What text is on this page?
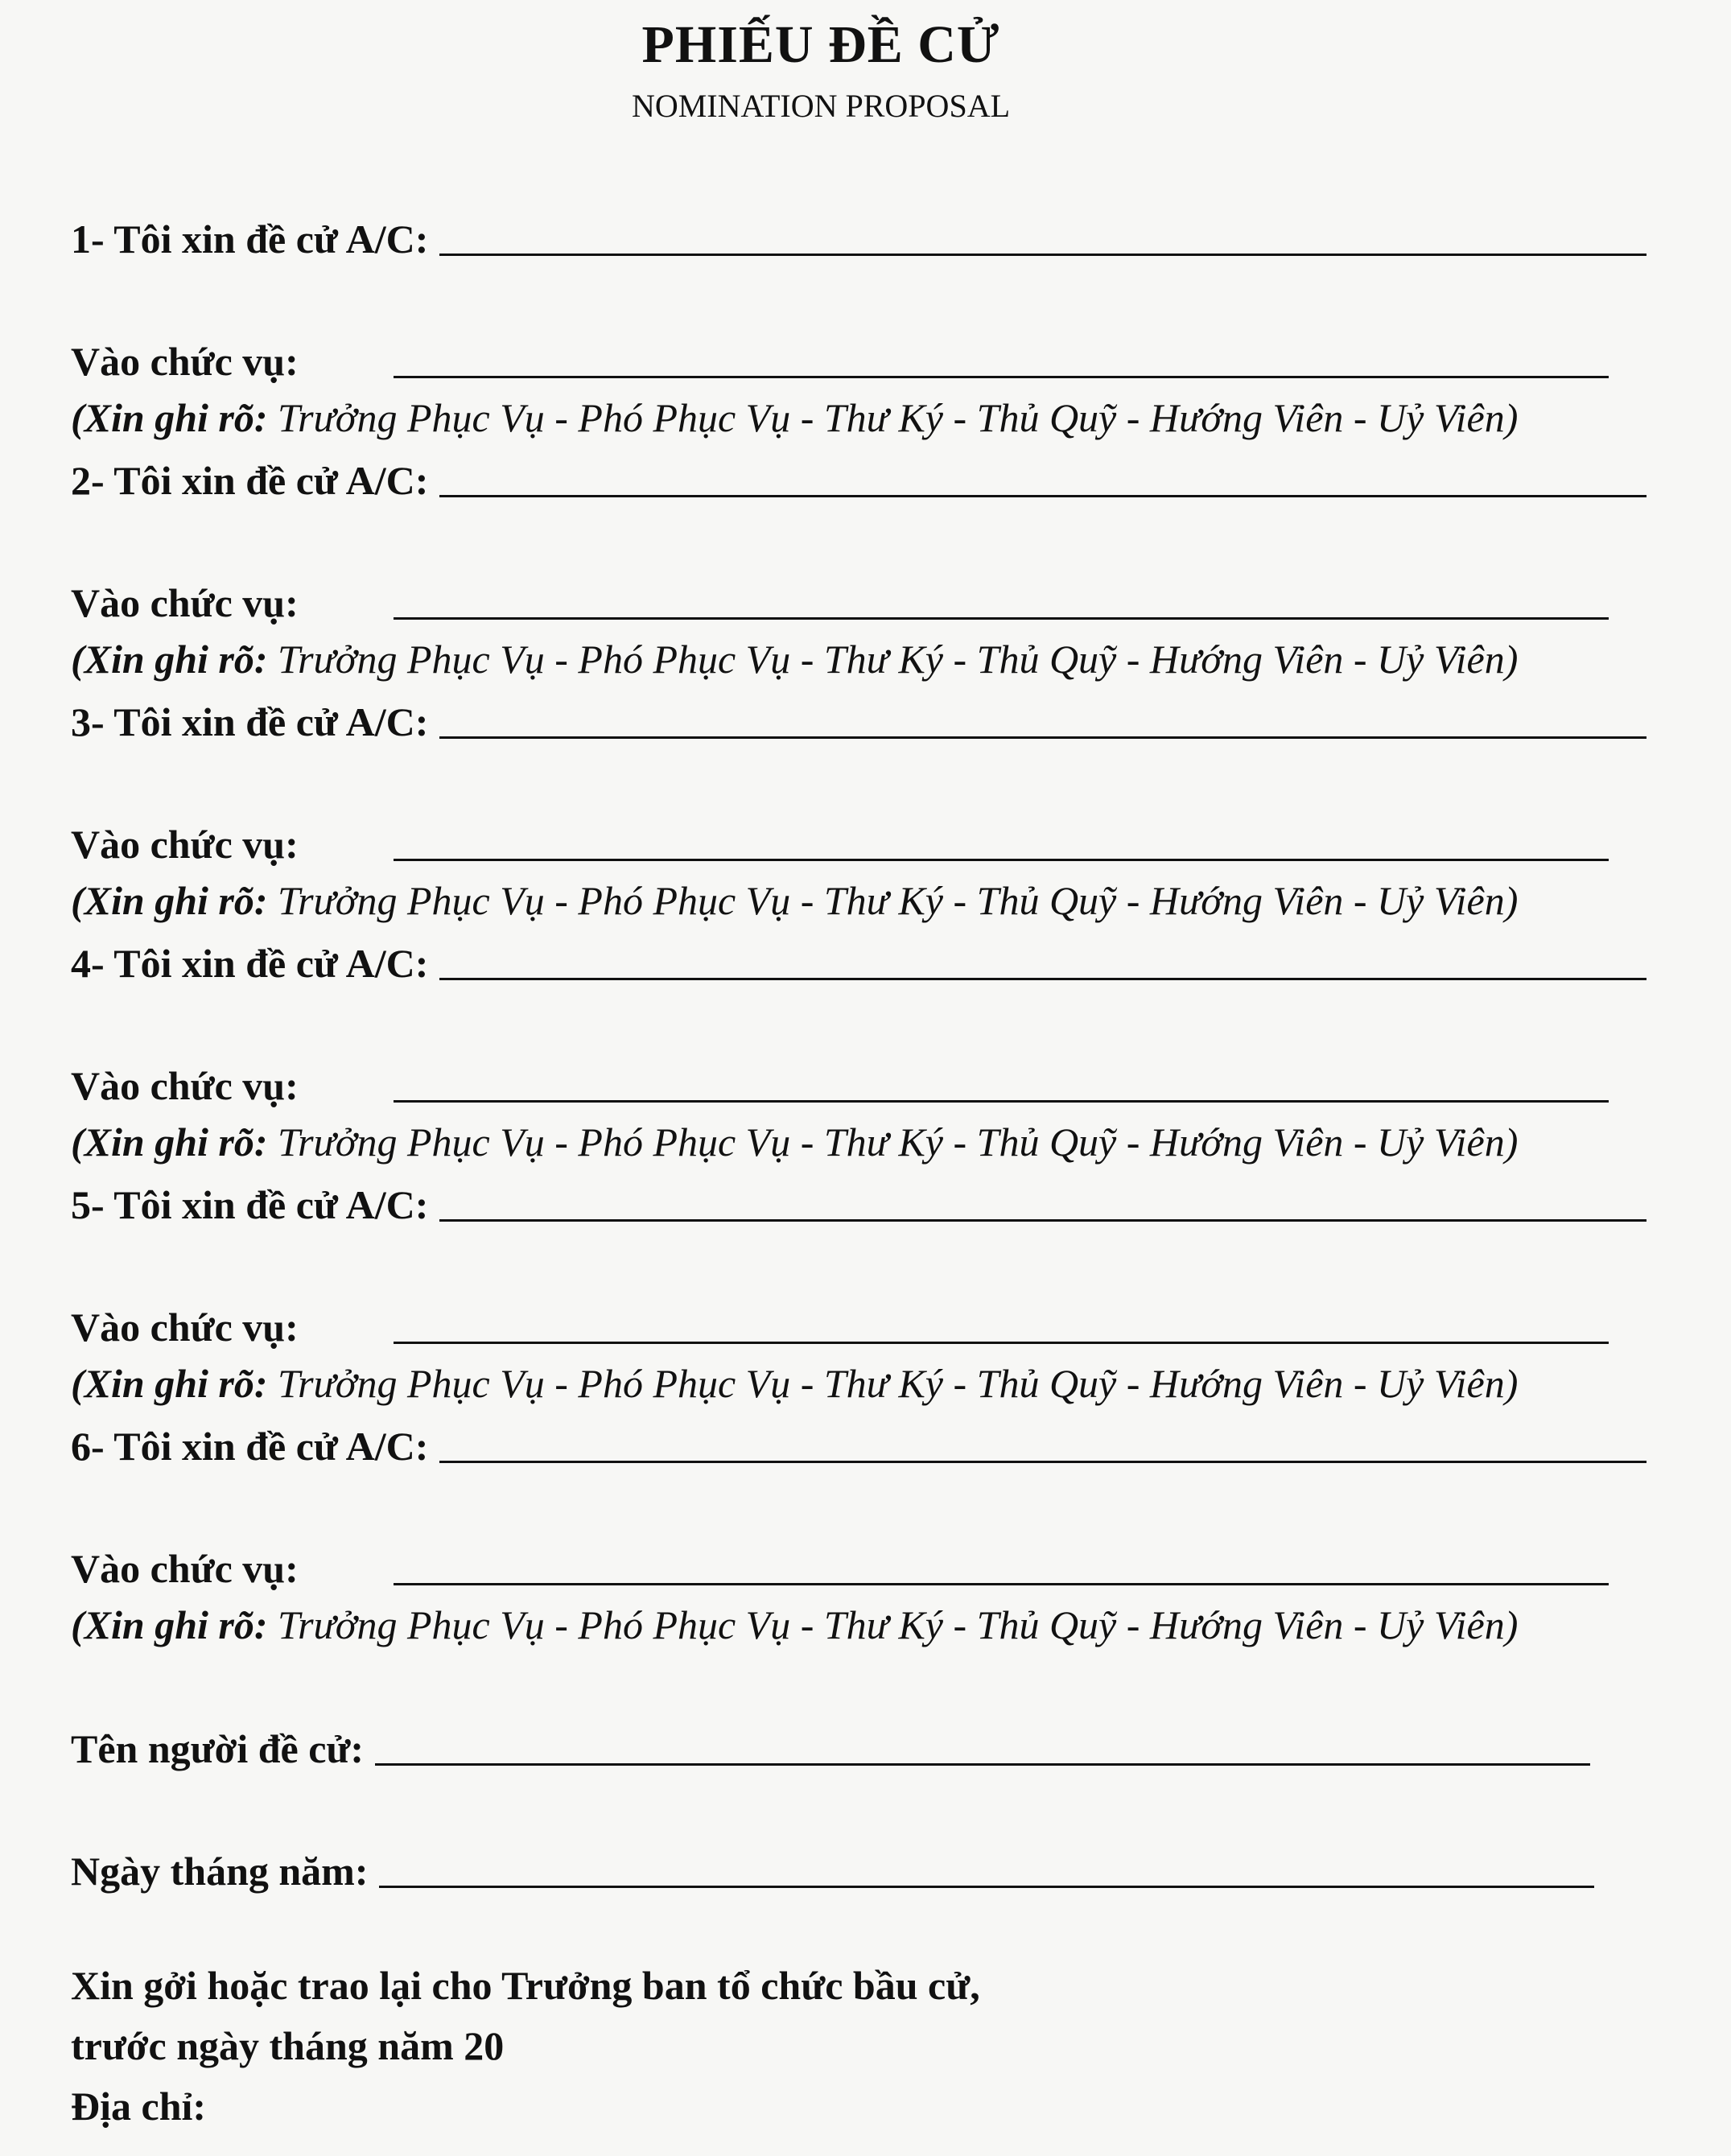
PHIẾU ĐỀ CỬ
NOMINATION PROPOSAL
1- Tôi xin đề cử A/C:
Vào chức vụ:
(Xin ghi rõ: Trưởng Phục Vụ - Phó Phục Vụ - Thư Ký - Thủ Quỹ - Hướng Viên - Uỷ Viên)
2- Tôi xin đề cử A/C:
Vào chức vụ:
(Xin ghi rõ: Trưởng Phục Vụ - Phó Phục Vụ - Thư Ký - Thủ Quỹ - Hướng Viên - Uỷ Viên)
3- Tôi xin đề cử A/C:
Vào chức vụ:
(Xin ghi rõ: Trưởng Phục Vụ - Phó Phục Vụ - Thư Ký - Thủ Quỹ - Hướng Viên - Uỷ Viên)
4- Tôi xin đề cử A/C:
Vào chức vụ:
(Xin ghi rõ: Trưởng Phục Vụ - Phó Phục Vụ - Thư Ký - Thủ Quỹ - Hướng Viên - Uỷ Viên)
5- Tôi xin đề cử A/C:
Vào chức vụ:
(Xin ghi rõ: Trưởng Phục Vụ - Phó Phục Vụ - Thư Ký - Thủ Quỹ - Hướng Viên - Uỷ Viên)
6- Tôi xin đề cử A/C:
Vào chức vụ:
(Xin ghi rõ: Trưởng Phục Vụ - Phó Phục Vụ - Thư Ký - Thủ Quỹ - Hướng Viên - Uỷ Viên)
Tên người đề cử:
Ngày tháng năm:
Xin gởi hoặc trao lại cho Trưởng ban tổ chức bầu cử,
trước ngày tháng năm 20
Địa chỉ:
